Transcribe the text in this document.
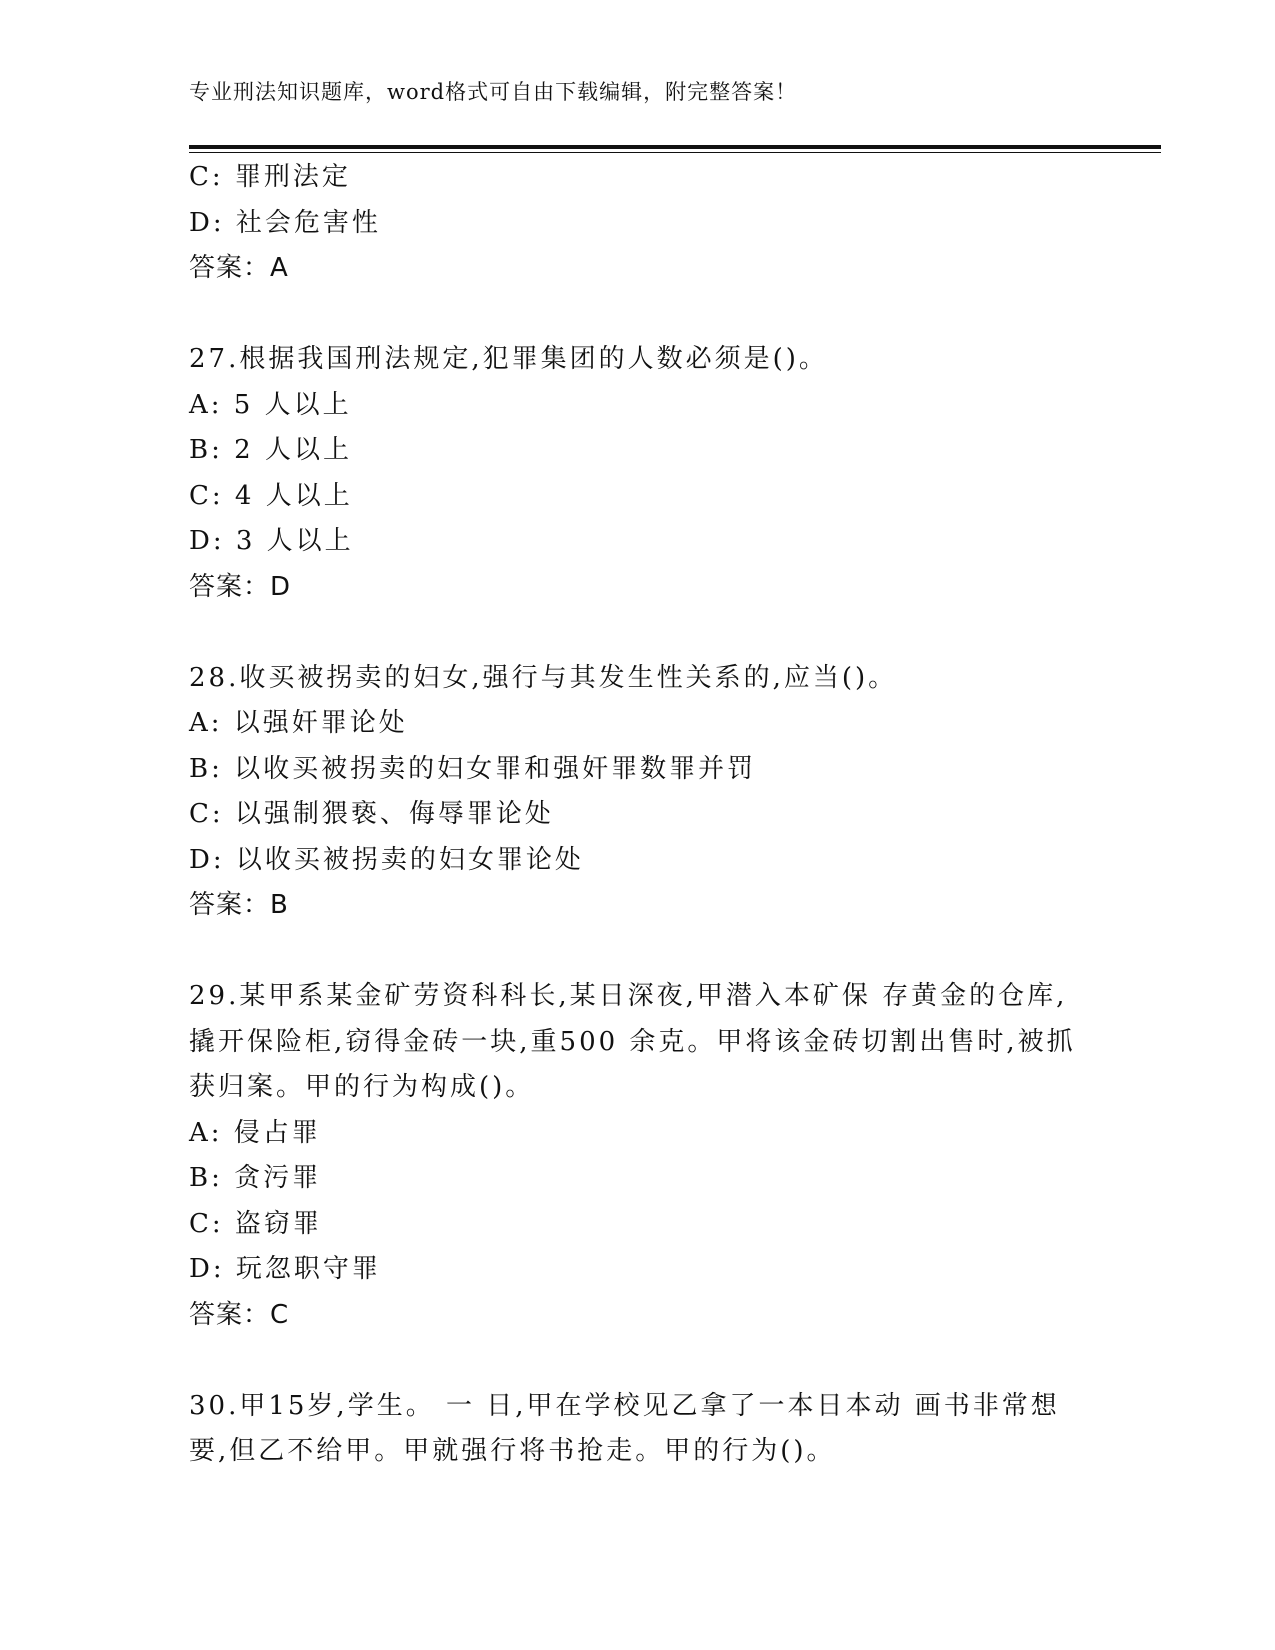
专业刑法知识题库，word格式可自由下载编辑，附完整答案！
C: 罪刑法定
D: 社会危害性
答案：A
27.根据我国刑法规定,犯罪集团的人数必须是()。
A: 5 人以上
B: 2 人以上
C: 4 人以上
D: 3 人以上
答案：D
28.收买被拐卖的妇女,强行与其发生性关系的,应当()。
A: 以强奸罪论处
B: 以收买被拐卖的妇女罪和强奸罪数罪并罚
C: 以强制猥亵、侮辱罪论处
D: 以收买被拐卖的妇女罪论处
答案：B
29.某甲系某金矿劳资科科长,某日深夜,甲潜入本矿保 存黄金的仓库,
撬开保险柜,窃得金砖一块,重500 余克。甲将该金砖切割出售时,被抓
获归案。甲的行为构成()。
A: 侵占罪
B: 贪污罪
C: 盗窃罪
D: 玩忽职守罪
答案：C
30.甲15岁,学生。 一 日,甲在学校见乙拿了一本日本动 画书非常想
要,但乙不给甲。甲就强行将书抢走。甲的行为()。
